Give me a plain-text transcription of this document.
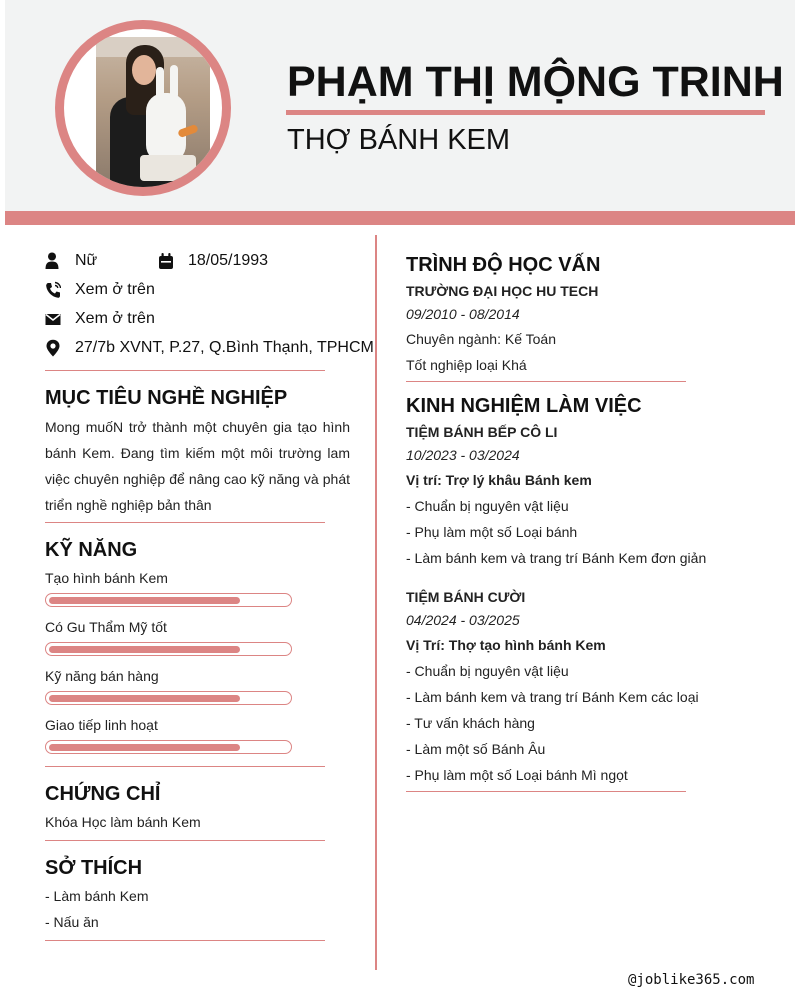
PHẠM THỊ MỘNG TRINH
THỢ BÁNH KEM
Nữ	18/05/1993
Xem ở trên
Xem ở trên
27/7b XVNT, P.27, Q.Bình Thạnh, TPHCM
MỤC TIÊU NGHỀ NGHIỆP
Mong muốN trở thành một chuyên gia tạo hình bánh Kem. Đang tìm kiếm một môi trường lam việc chuyên nghiệp để nâng cao kỹ năng và phát triển nghề nghiệp bản thân
KỸ NĂNG
Tạo hình bánh Kem
Có Gu Thẩm Mỹ tốt
Kỹ năng bán hàng
Giao tiếp linh hoạt
CHỨNG CHỈ
Khóa Học làm bánh Kem
SỞ THÍCH
- Làm bánh Kem
- Nấu ăn
TRÌNH ĐỘ HỌC VẤN
TRƯỜNG ĐẠI HỌC HU TECH
09/2010 - 08/2014
Chuyên ngành: Kế Toán
Tốt nghiệp loại Khá
KINH NGHIỆM LÀM VIỆC
TIỆM BÁNH BẾP CÔ LI
10/2023 - 03/2024
Vị trí: Trợ lý khâu Bánh kem
- Chuẩn bị nguyên vật liệu
- Phụ làm một số Loại bánh
- Làm bánh kem và trang trí Bánh Kem đơn giản
TIỆM BÁNH CƯỜI
04/2024 - 03/2025
Vị Trí: Thợ tạo hình bánh Kem
- Chuẩn bị nguyên vật liệu
- Làm bánh kem và trang trí Bánh Kem các loại
- Tư vấn khách hàng
- Làm một số Bánh Âu
- Phụ làm một số Loại bánh Mì ngọt
@joblike365.com
